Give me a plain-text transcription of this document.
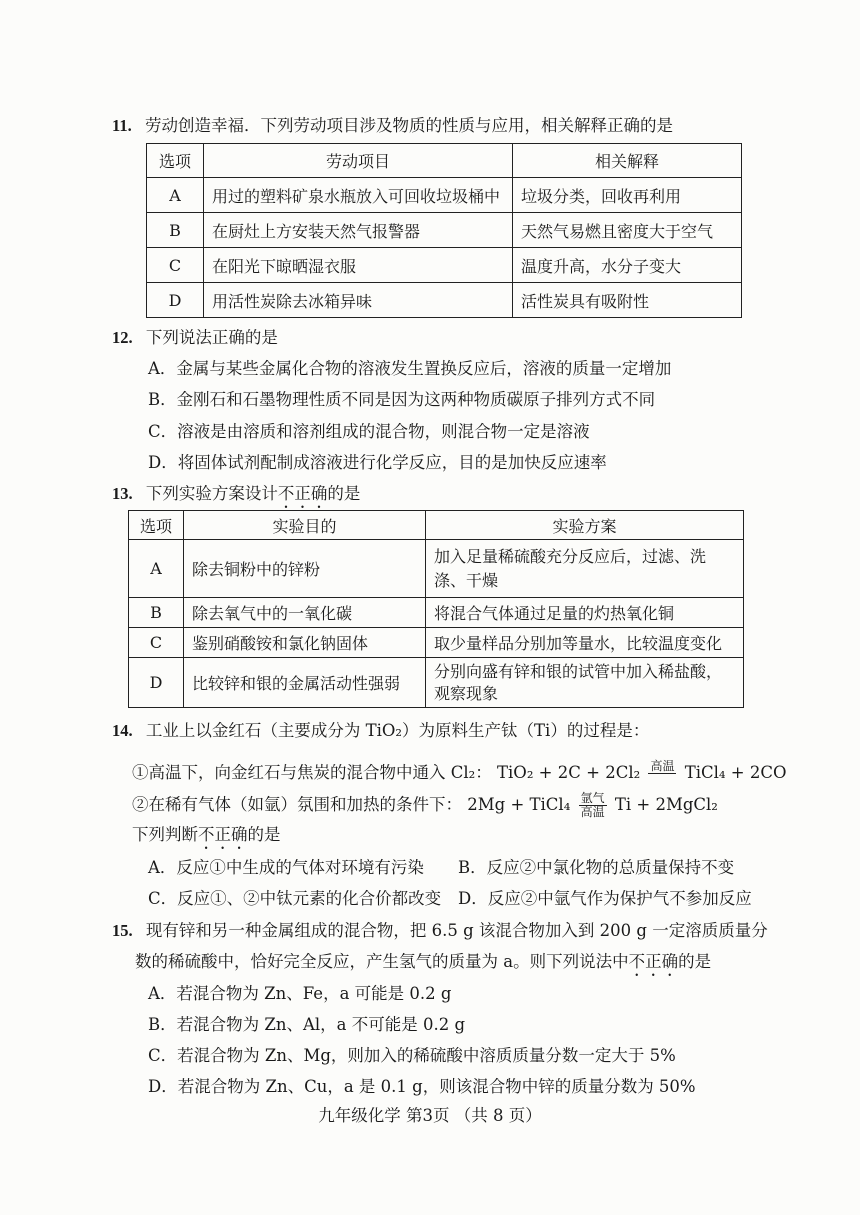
11. 劳动创造幸福．下列劳动项目涉及物质的性质与应用，相关解释正确的是
选项	劳动项目	相关解释
A	用过的塑料矿泉水瓶放入可回收垃圾桶中	垃圾分类，回收再利用
B	在厨灶上方安装天然气报警器	天然气易燃且密度大于空气
C	在阳光下晾晒湿衣服	温度升高，水分子变大
D	用活性炭除去冰箱异味	活性炭具有吸附性
12. 下列说法正确的是
A．金属与某些金属化合物的溶液发生置换反应后，溶液的质量一定增加
B．金刚石和石墨物理性质不同是因为这两种物质碳原子排列方式不同
C．溶液是由溶质和溶剂组成的混合物，则混合物一定是溶液
D．将固体试剂配制成溶液进行化学反应，目的是加快反应速率
13. 下列实验方案设计不正确的是
选项	实验目的	实验方案
A	除去铜粉中的锌粉	加入足量稀硫酸充分反应后，过滤、洗涤、干燥
B	除去氧气中的一氧化碳	将混合气体通过足量的灼热氧化铜
C	鉴别硝酸铵和氯化钠固体	取少量样品分别加等量水，比较温度变化
D	比较锌和银的金属活动性强弱	分别向盛有锌和银的试管中加入稀盐酸，观察现象
14. 工业上以金红石（主要成分为 TiO₂）为原料生产钛（Ti）的过程是：
①高温下，向金红石与焦炭的混合物中通入 Cl₂： TiO₂ + 2C + 2Cl₂ 高温
TiCl₄ + 2CO
②在稀有气体（如氩）氛围和加热的条件下： 2Mg + TiCl₄ 氩气
高温 Ti + 2MgCl₂
下列判断不正确的是
A．反应①中生成的气体对环境有污染 B．反应②中氯化物的总质量保持不变
C．反应①、②中钛元素的化合价都改变 D．反应②中氩气作为保护气不参加反应
15. 现有锌和另一种金属组成的混合物，把 6.5 g 该混合物加入到 200 g 一定溶质质量分
数的稀硫酸中，恰好完全反应，产生氢气的质量为 a。则下列说法中不正确的是
A．若混合物为 Zn、Fe，a 可能是 0.2 g
B．若混合物为 Zn、Al，a 不可能是 0.2 g
C．若混合物为 Zn、Mg，则加入的稀硫酸中溶质质量分数一定大于 5%
D．若混合物为 Zn、Cu，a 是 0.1 g，则该混合物中锌的质量分数为 50%
九年级化学 第3页 （共 8 页）
